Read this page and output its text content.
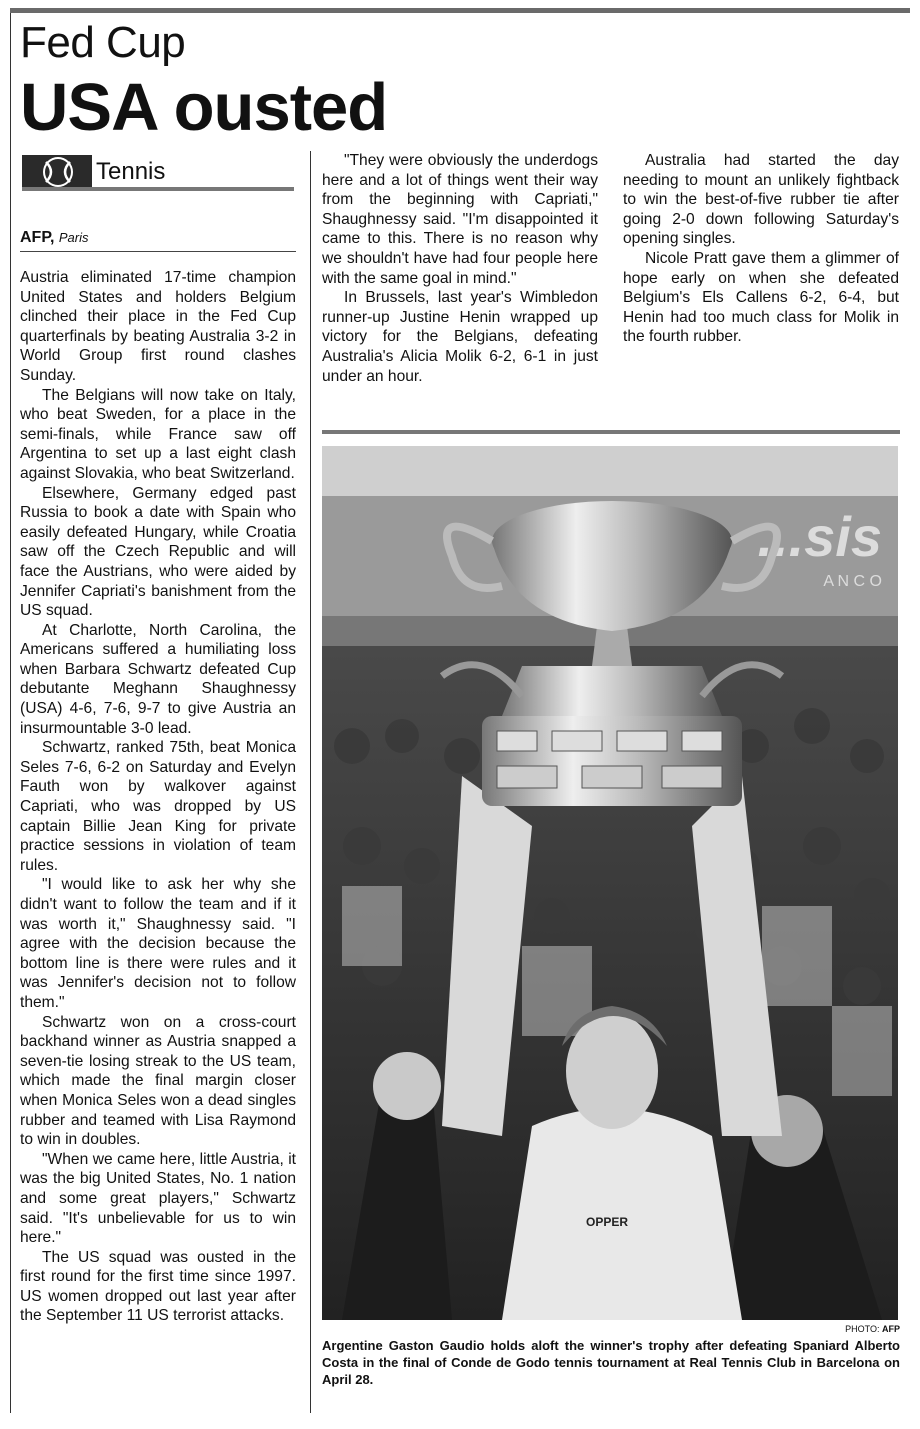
Fed Cup
USA ousted
Tennis
AFP, Paris

Austria eliminated 17-time champion United States and holders Belgium clinched their place in the Fed Cup quarterfinals by beating Australia 3-2 in World Group first round clashes Sunday.

The Belgians will now take on Italy, who beat Sweden, for a place in the semi-finals, while France saw off Argentina to set up a last eight clash against Slovakia, who beat Switzerland.

Elsewhere, Germany edged past Russia to book a date with Spain who easily defeated Hungary, while Croatia saw off the Czech Republic and will face the Austrians, who were aided by Jennifer Capriati's banishment from the US squad.

At Charlotte, North Carolina, the Americans suffered a humiliating loss when Barbara Schwartz defeated Cup debutante Meghann Shaughnessy (USA) 4-6, 7-6, 9-7 to give Austria an insurmountable 3-0 lead.

Schwartz, ranked 75th, beat Monica Seles 7-6, 6-2 on Saturday and Evelyn Fauth won by walkover against Capriati, who was dropped by US captain Billie Jean King for private practice sessions in violation of team rules.

"I would like to ask her why she didn't want to follow the team and if it was worth it," Shaughnessy said. "I agree with the decision because the bottom line is there were rules and it was Jennifer's decision not to follow them."

Schwartz won on a cross-court backhand winner as Austria snapped a seven-tie losing streak to the US team, which made the final margin closer when Monica Seles won a dead singles rubber and teamed with Lisa Raymond to win in doubles.

"When we came here, little Austria, it was the big United States, No. 1 nation and some great players," Schwartz said. "It's unbelievable for us to win here."

The US squad was ousted in the first round for the first time since 1997. US women dropped out last year after the September 11 US terrorist attacks.

"They were obviously the underdogs here and a lot of things went their way from the beginning with Capriati," Shaughnessy said. "I'm disappointed it came to this. There is no reason why we shouldn't have had four people here with the same goal in mind."

In Brussels, last year's Wimbledon runner-up Justine Henin wrapped up victory for the Belgians, defeating Australia's Alicia Molik 6-2, 6-1 in just under an hour.

Australia had started the day needing to mount an unlikely fightback to win the best-of-five rubber tie after going 2-0 down following Saturday's opening singles.

Nicole Pratt gave them a glimmer of hope early on when she defeated Belgium's Els Callens 6-2, 6-4, but Henin had too much class for Molik in the fourth rubber.

...sis
A N C O
OPPER
PHOTO: AFP
Argentine Gaston Gaudio holds aloft the winner's trophy after defeating Spaniard Alberto Costa in the final of Conde de Godo tennis tournament at Real Tennis Club in Barcelona on April 28.
